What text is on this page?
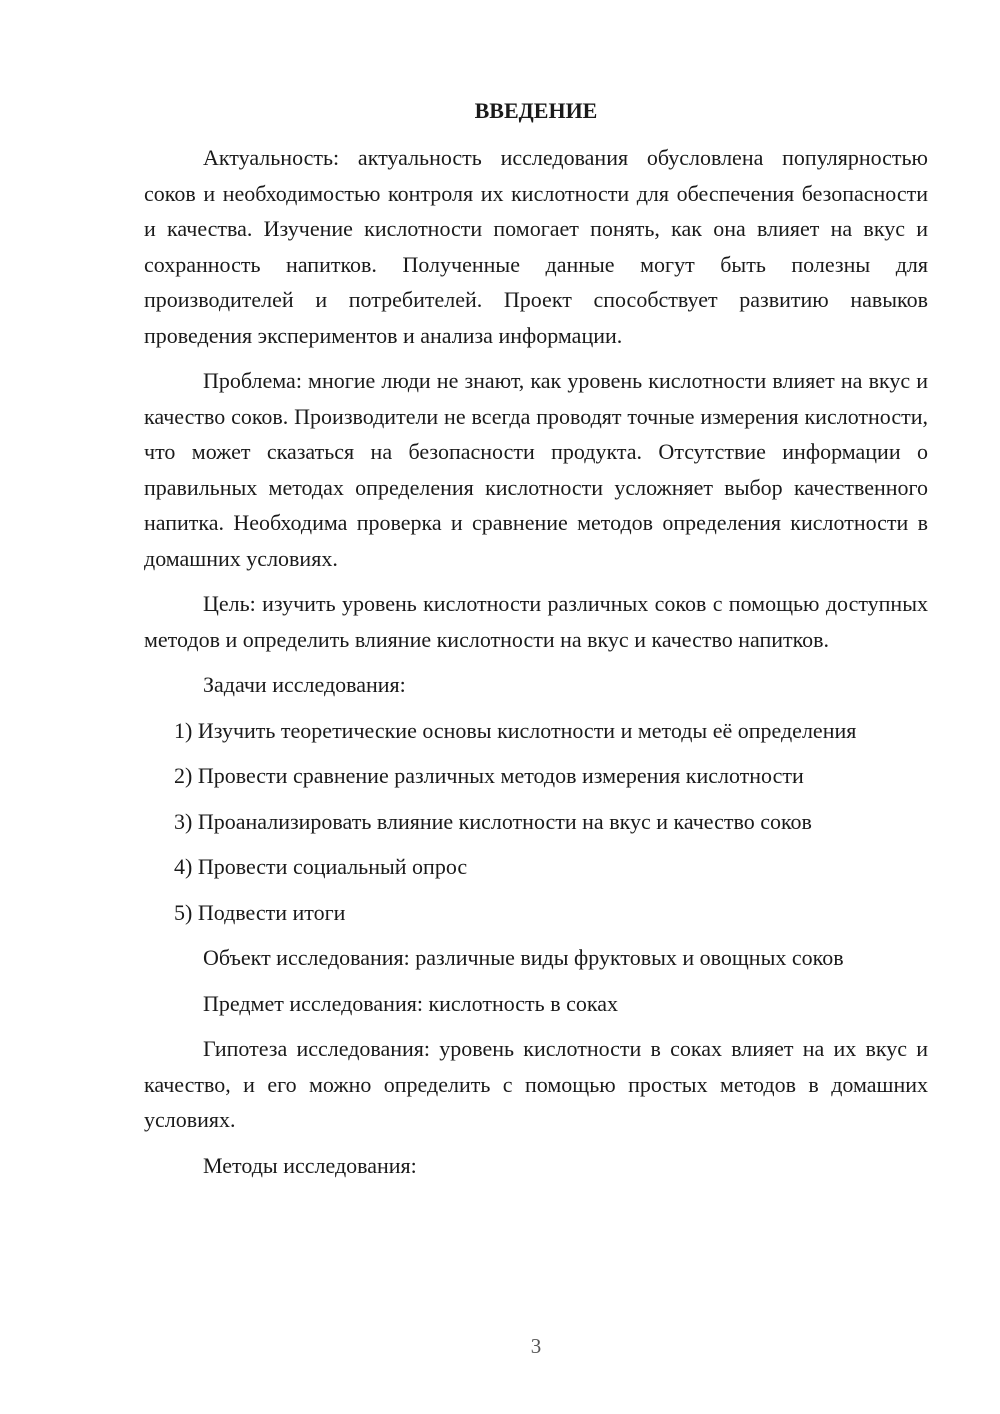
ВВЕДЕНИЕ

Актуальность: актуальность исследования обусловлена популярностью соков и необходимостью контроля их кислотности для обеспечения безопасности и качества. Изучение кислотности помогает понять, как она влияет на вкус и сохранность напитков. Полученные данные могут быть полезны для производителей и потребителей. Проект способствует развитию навыков проведения экспериментов и анализа информации.

Проблема: многие люди не знают, как уровень кислотности влияет на вкус и качество соков. Производители не всегда проводят точные измерения кислотности, что может сказаться на безопасности продукта. Отсутствие информации о правильных методах определения кислотности усложняет выбор качественного напитка. Необходима проверка и сравнение методов определения кислотности в домашних условиях.

Цель: изучить уровень кислотности различных соков с помощью доступных методов и определить влияние кислотности на вкус и качество напитков.

Задачи исследования:

1) Изучить теоретические основы кислотности и методы её определения

2) Провести сравнение различных методов измерения кислотности

3) Проанализировать влияние кислотности на вкус и качество соков

4) Провести социальный опрос

5) Подвести итоги

Объект исследования: различные виды фруктовых и овощных соков

Предмет исследования: кислотность в соках

Гипотеза исследования: уровень кислотности в соках влияет на их вкус и качество, и его можно определить с помощью простых методов в домашних условиях.

Методы исследования:

3
